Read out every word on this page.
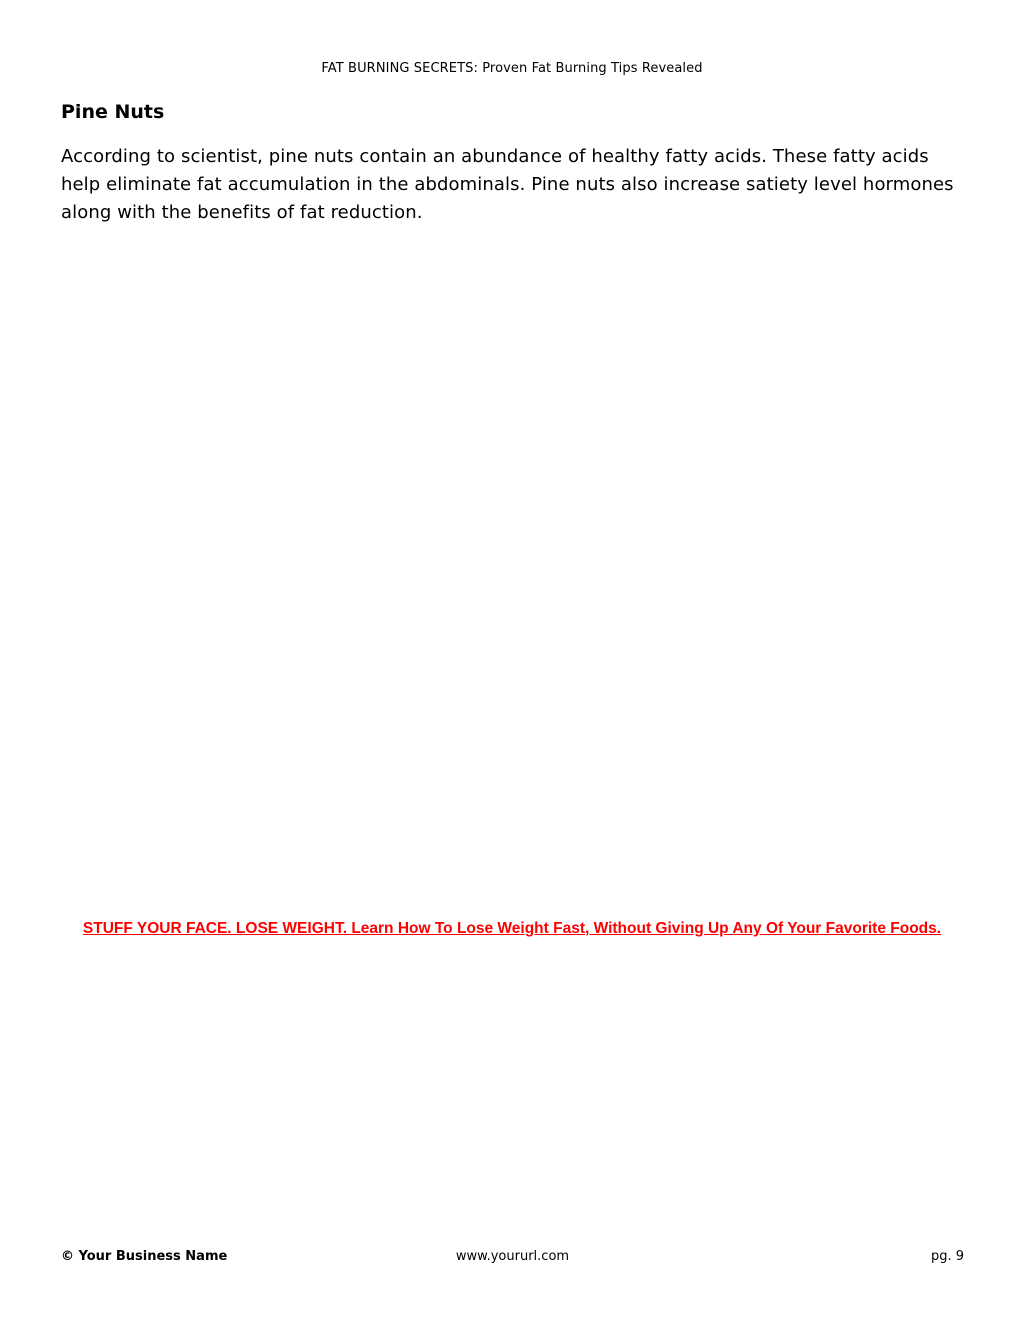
FAT BURNING SECRETS: Proven Fat Burning Tips Revealed
Pine Nuts

According to scientist, pine nuts contain an abundance of healthy fatty acids. These fatty acids help eliminate fat accumulation in the abdominals. Pine nuts also increase satiety level hormones along with the benefits of fat reduction.

STUFF YOUR FACE. LOSE WEIGHT. Learn How To Lose Weight Fast, Without Giving Up Any Of Your Favorite Foods.
www.yoururl.com
© Your Business Name	pg. 9
